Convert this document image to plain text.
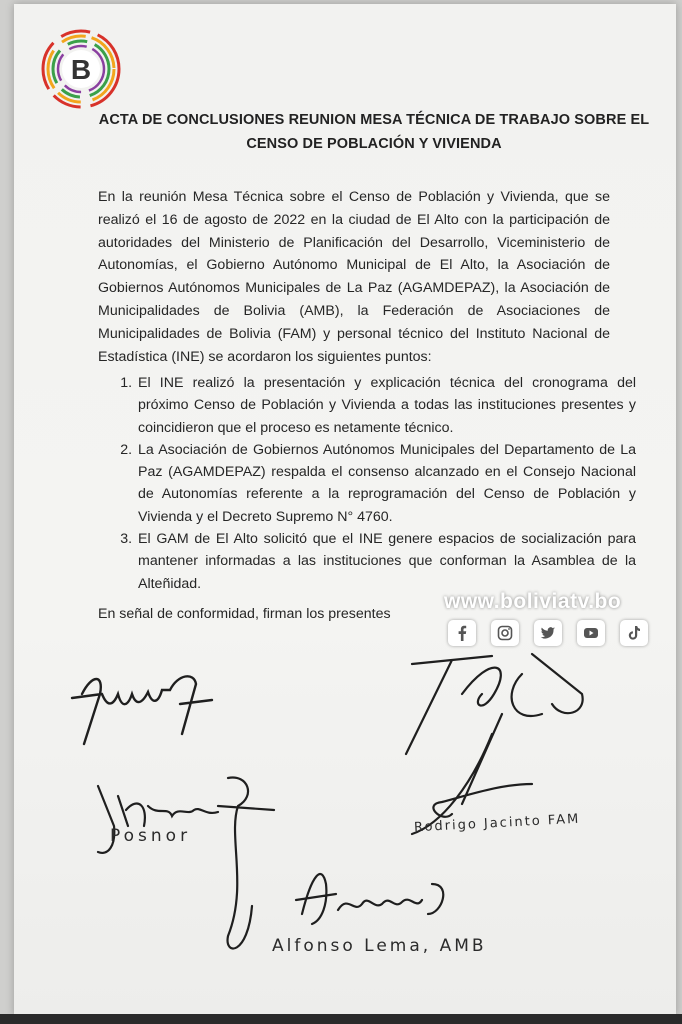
B
ACTA DE CONCLUSIONES REUNION MESA TÉCNICA DE TRABAJO SOBRE EL
CENSO DE POBLACIÓN Y VIVIENDA
En la reunión Mesa Técnica sobre el Censo de Población y Vivienda, que se realizó el 16 de agosto de 2022 en la ciudad de El Alto con la participación de autoridades del Ministerio de Planificación del Desarrollo, Viceministerio de Autonomías, el Gobierno Autónomo Municipal de El Alto, la Asociación de Gobiernos Autónomos Municipales de La Paz (AGAMDEPAZ), la Asociación de Municipalidades de Bolivia (AMB), la Federación de Asociaciones de Municipalidades de Bolivia (FAM) y personal técnico del Instituto Nacional de Estadística (INE) se acordaron los siguientes puntos:
1. El INE realizó la presentación y explicación técnica del cronograma del próximo Censo de Población y Vivienda a todas las instituciones presentes y coincidieron que el proceso es netamente técnico.
2. La Asociación de Gobiernos Autónomos Municipales del Departamento de La Paz (AGAMDEPAZ) respalda el consenso alcanzado en el Consejo Nacional de Autonomías referente a la reprogramación del Censo de Población y Vivienda y el Decreto Supremo N° 4760.
3. El GAM de El Alto solicitó que el INE genere espacios de socialización para mantener informadas a las instituciones que conforman la Asamblea de la Alteñidad.
En señal de conformidad, firman los presentes
Rodrigo Jacinto FAM
Posnor
Alfonso Lema, AMB
www.boliviatv.bo
